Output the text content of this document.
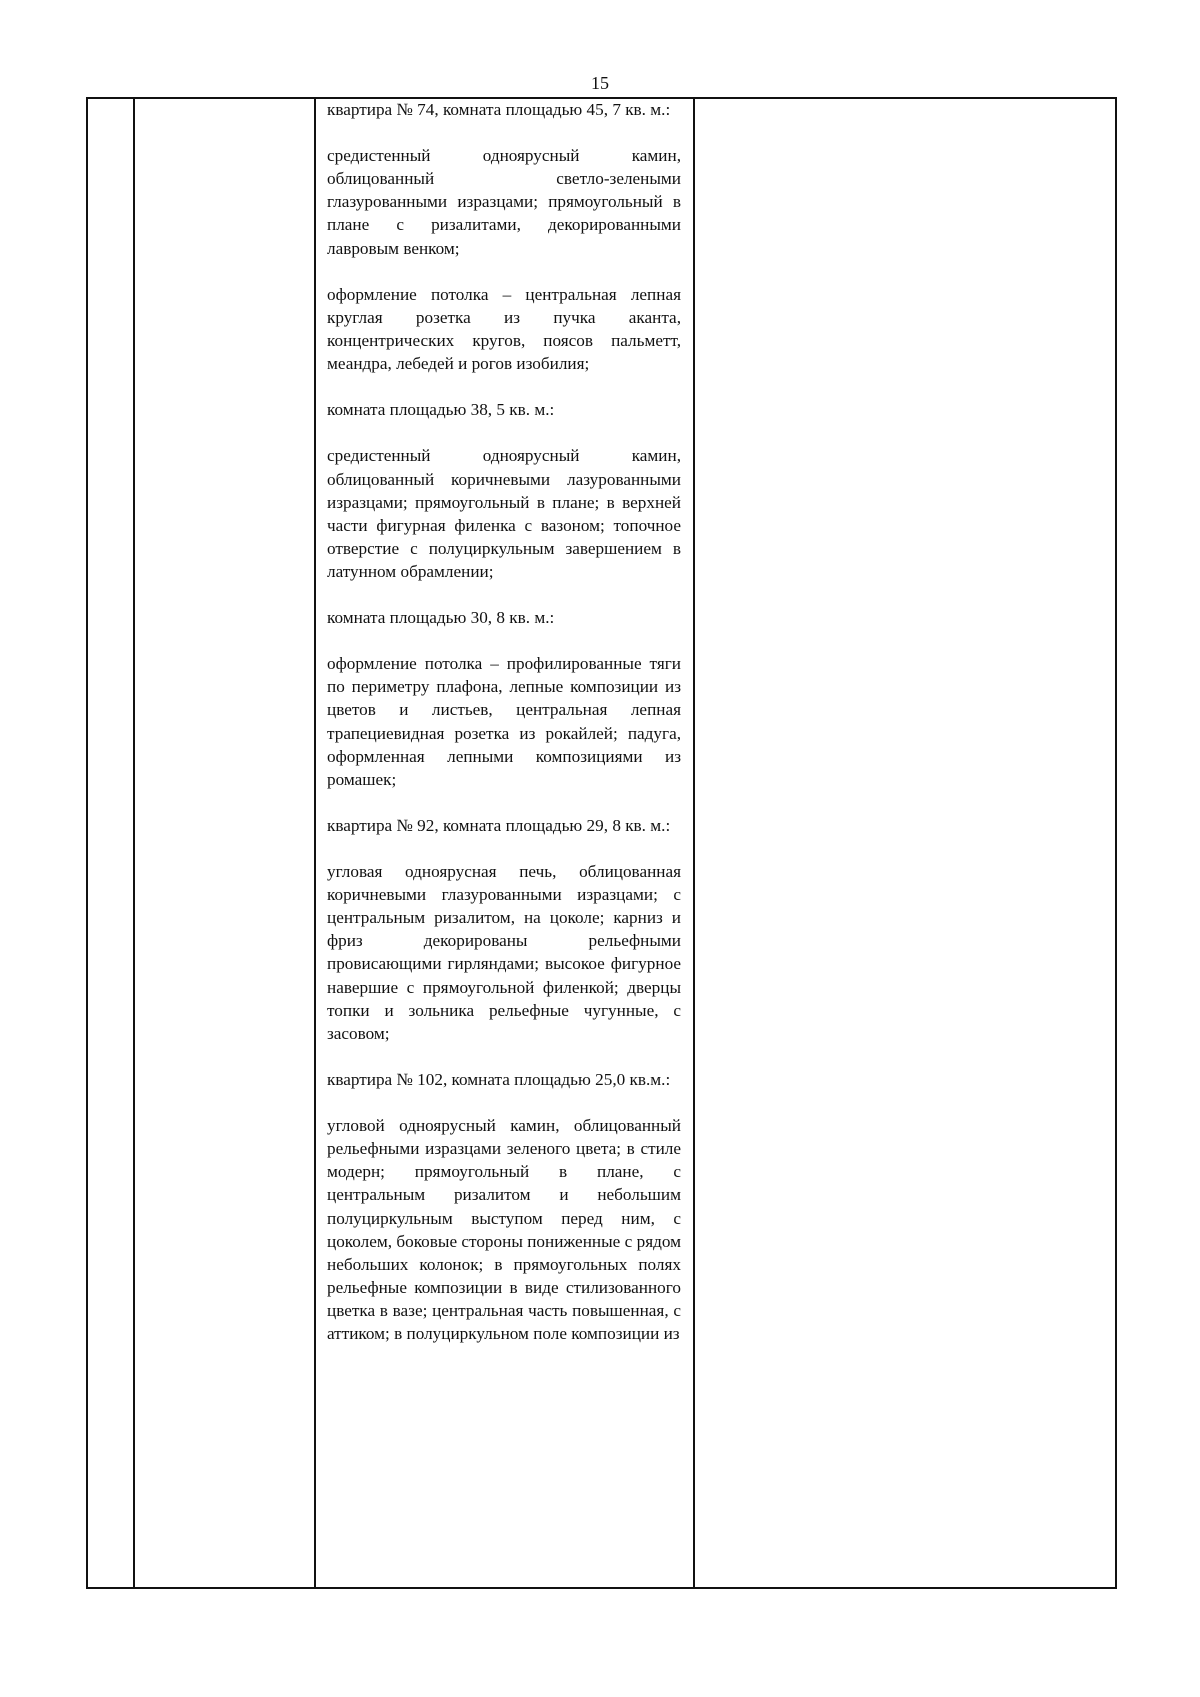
15

квартира № 74, комната площадью 45, 7 кв. м.:

средистенный одноярусный камин, облицованный светло-зелеными глазурованными изразцами; прямоугольный в плане с ризалитами, декорированными лавровым венком;

оформление потолка – центральная лепная круглая розетка из пучка аканта, концентрических кругов, поясов пальметт, меандра, лебедей и рогов изобилия;

комната площадью 38, 5 кв. м.:

средистенный одноярусный камин, облицованный коричневыми лазурованными изразцами; прямоугольный в плане; в верхней части фигурная филенка с вазоном; топочное отверстие с полуциркульным завершением в латунном обрамлении;

комната площадью 30, 8 кв. м.:

оформление потолка – профилированные тяги по периметру плафона, лепные композиции из цветов и листьев, центральная лепная трапециевидная розетка из рокайлей; падуга, оформленная лепными композициями из ромашек;

квартира № 92, комната площадью 29, 8 кв. м.:

угловая одноярусная печь, облицованная коричневыми глазурованными изразцами; с центральным ризалитом, на цоколе; карниз и фриз декорированы рельефными провисающими гирляндами; высокое фигурное навершие с прямоугольной филенкой; дверцы топки и зольника рельефные чугунные, с засовом;

квартира № 102, комната площадью 25,0 кв.м.:

угловой одноярусный камин, облицованный рельефными изразцами зеленого цвета; в стиле модерн; прямоугольный в плане, с центральным ризалитом и небольшим полуциркульным выступом перед ним, с цоколем, боковые стороны пониженные с рядом небольших колонок; в прямоугольных полях рельефные композиции в виде стилизованного цветка в вазе; центральная часть повышенная, с аттиком; в полуциркульном поле композиции из
